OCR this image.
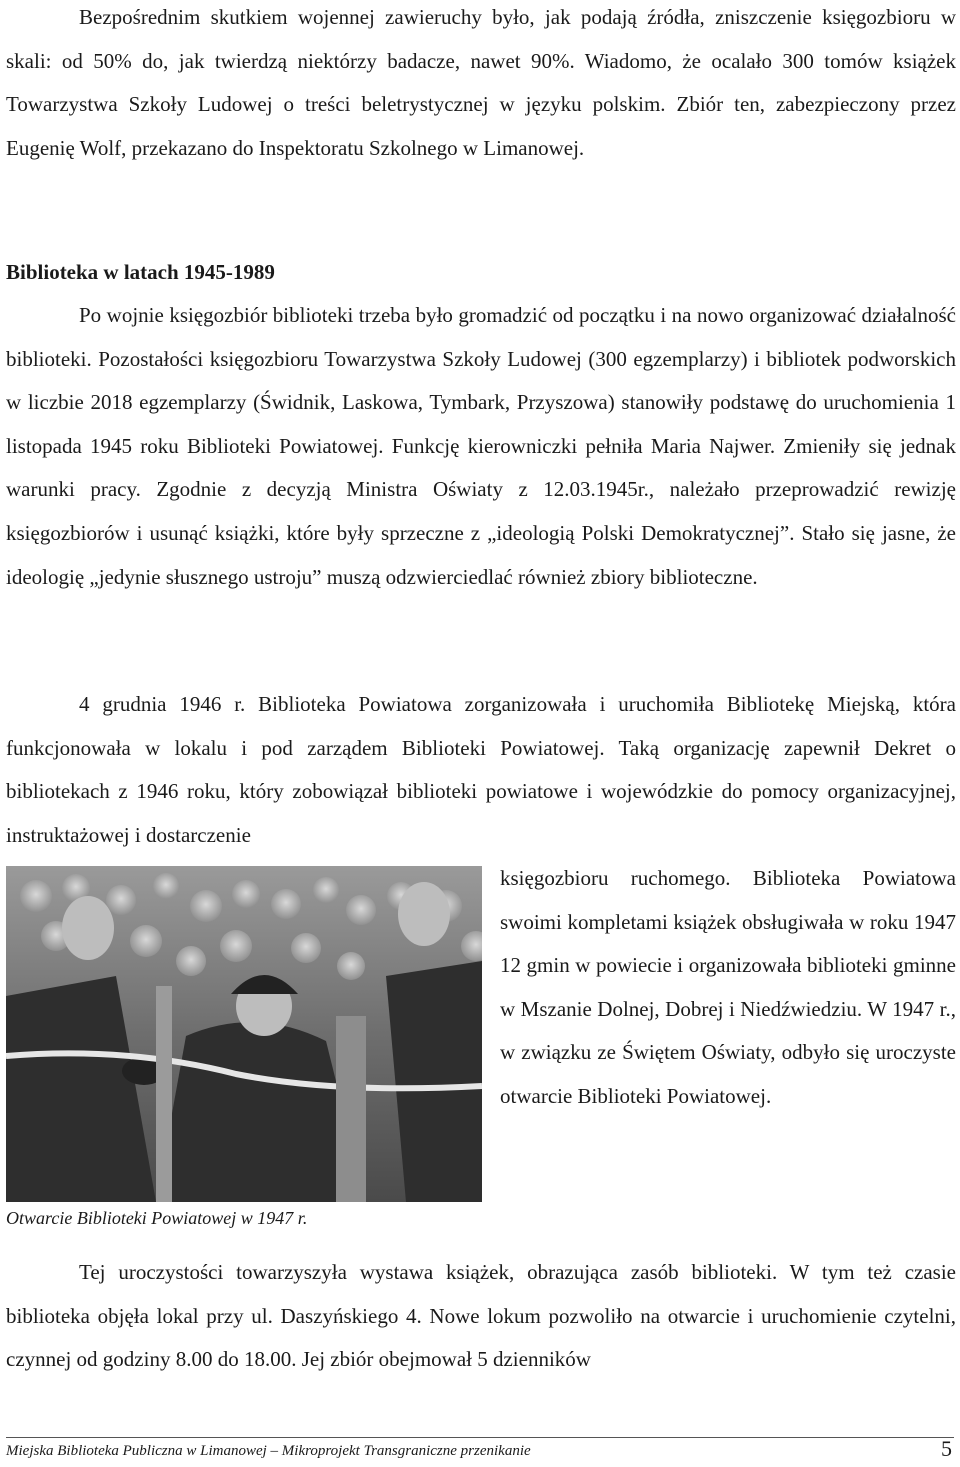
Bezpośrednim skutkiem wojennej zawieruchy było, jak podają źródła, zniszczenie księgozbioru w skali: od 50% do, jak twierdzą niektórzy badacze, nawet 90%. Wiadomo, że ocalało 300 tomów książek Towarzystwa Szkoły Ludowej o treści beletrystycznej w języku polskim. Zbiór ten, zabezpieczony przez Eugenię Wolf, przekazano do Inspektoratu Szkolnego w Limanowej.

Biblioteka w latach 1945-1989

Po wojnie księgozbiór biblioteki trzeba było gromadzić od początku i na nowo organizować działalność biblioteki. Pozostałości księgozbioru Towarzystwa Szkoły Ludowej (300 egzemplarzy) i bibliotek podworskich w liczbie 2018 egzemplarzy (Świdnik, Laskowa, Tymbark, Przyszowa) stanowiły podstawę do uruchomienia 1 listopada 1945 roku Biblioteki Powiatowej. Funkcję kierowniczki pełniła Maria Najwer. Zmieniły się jednak warunki pracy. Zgodnie z decyzją Ministra Oświaty z 12.03.1945r., należało przeprowadzić rewizję księgozbiorów i usunąć książki, które były sprzeczne z „ideologią Polski Demokratycznej”. Stało się jasne, że ideologię „jedynie słusznego ustroju” muszą odzwierciedlać również zbiory biblioteczne.

4 grudnia 1946 r. Biblioteka Powiatowa zorganizowała i uruchomiła Bibliotekę Miejską, która funkcjonowała w lokalu i pod zarządem Biblioteki Powiatowej. Taką organizację zapewnił Dekret o bibliotekach z 1946 roku, który zobowiązał biblioteki powiatowe i wojewódzkie do pomocy organizacyjnej, instruktażowej i dostarczenie

Otwarcie Biblioteki Powiatowej w 1947 r.

księgozbioru ruchomego. Biblioteka Powiatowa swoimi kompletami książek obsługiwała w roku 1947 12 gmin w powiecie i organizowała biblioteki gminne w Mszanie Dolnej, Dobrej i Niedźwiedziu. W 1947 r., w związku ze Świętem Oświaty, odbyło się uroczyste otwarcie Biblioteki Powiatowej.

Tej uroczystości towarzyszyła wystawa książek, obrazująca zasób biblioteki. W tym też czasie biblioteka objęła lokal przy ul. Daszyńskiego 4. Nowe lokum pozwoliło na otwarcie i uruchomienie czytelni, czynnej od godziny 8.00 do 18.00. Jej zbiór obejmował 5 dzienników

Miejska Biblioteka Publiczna w Limanowej – Mikroprojekt Transgraniczne przenikanie	5
